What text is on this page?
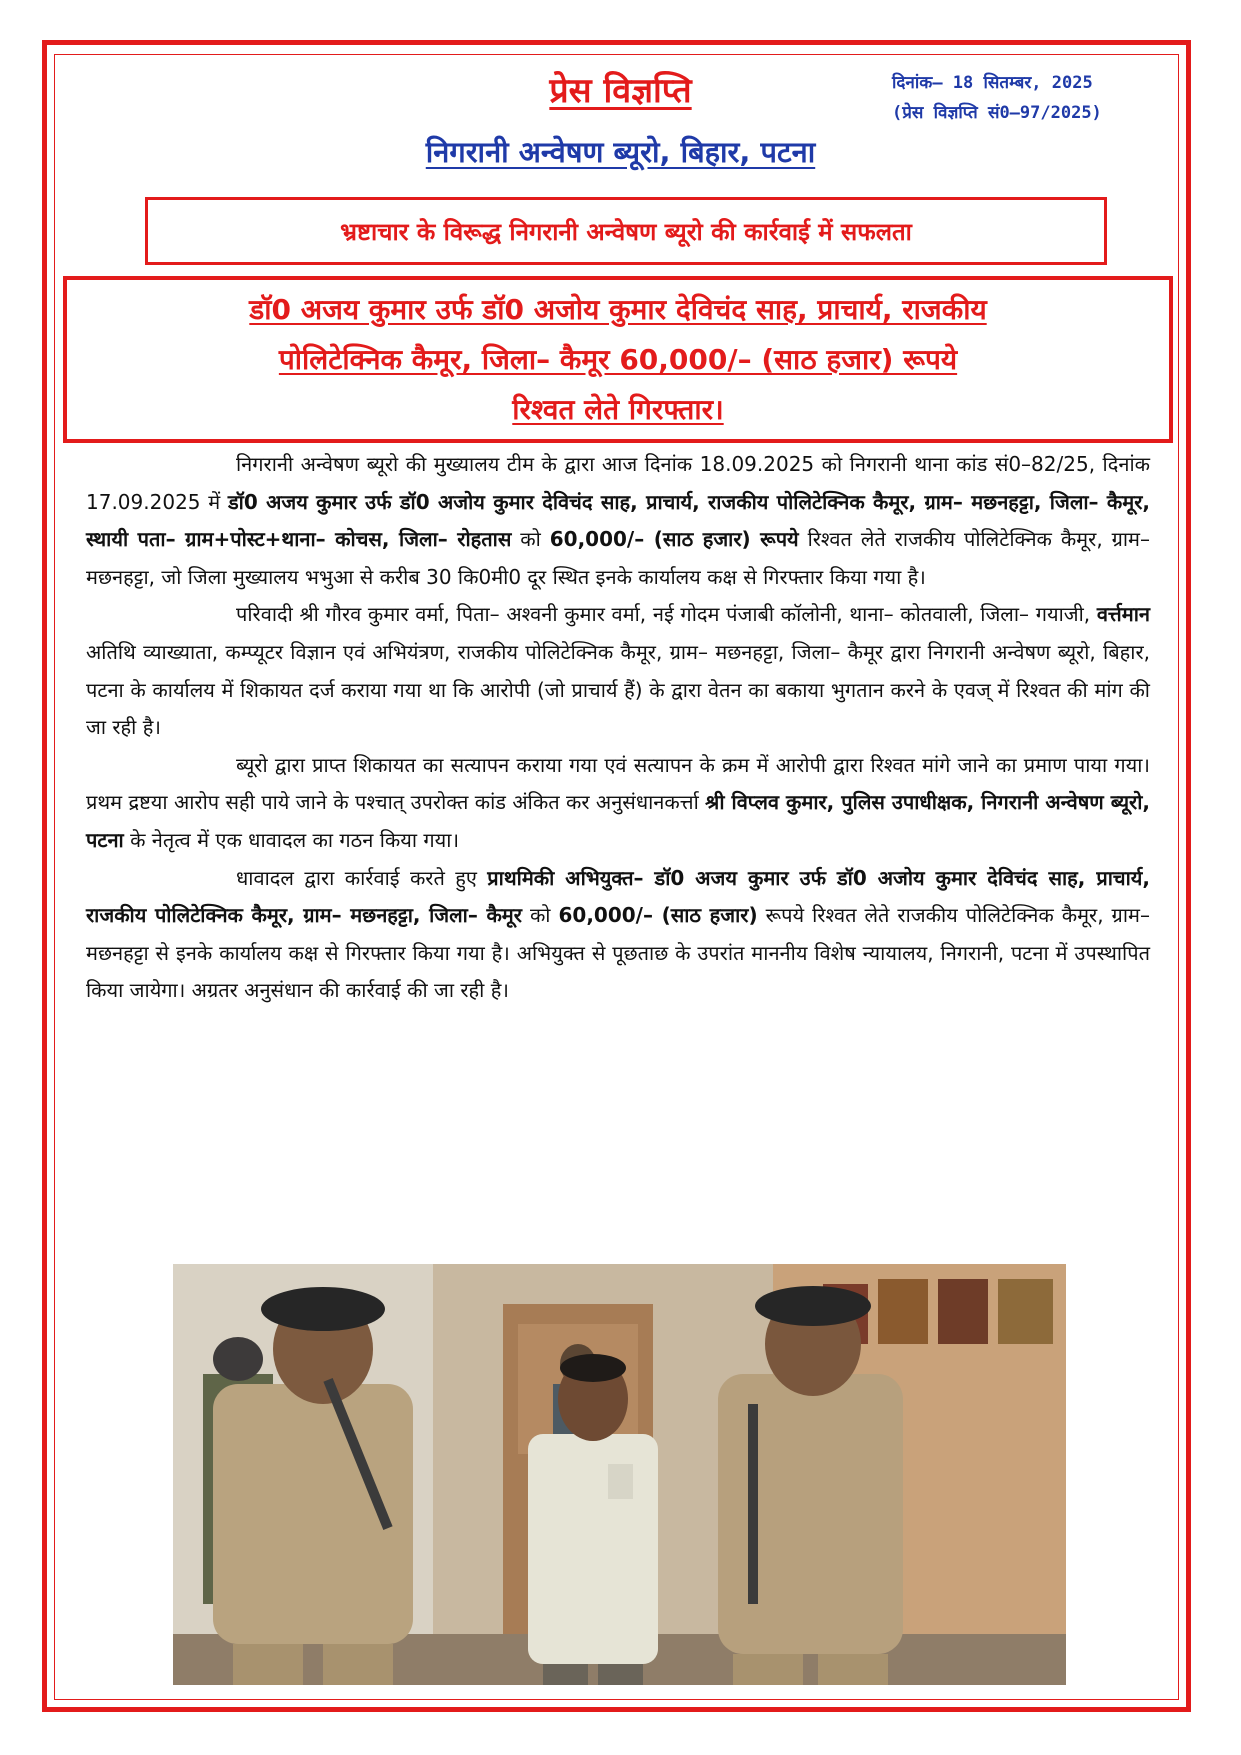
प्रेस विज्ञप्ति	दिनांक– 18 सितम्बर, 2025
(प्रेस विज्ञप्ति सं0–97/2025)
निगरानी अन्वेषण ब्यूरो, बिहार, पटना
भ्रष्टाचार के विरूद्ध निगरानी अन्वेषण ब्यूरो की कार्रवाई में सफलता
डॉ0 अजय कुमार उर्फ डॉ0 अजोय कुमार देविचंद साह, प्राचार्य, राजकीय
पोलिटेक्निक कैमूर, जिला– कैमूर 60,000/– (साठ हजार) रूपये
रिश्वत लेते गिरफ्तार।

निगरानी अन्वेषण ब्यूरो की मुख्यालय टीम के द्वारा आज दिनांक 18.09.2025 को निगरानी थाना कांड सं0–82/25, दिनांक 17.09.2025 में डॉ0 अजय कुमार उर्फ डॉ0 अजोय कुमार देविचंद साह, प्राचार्य, राजकीय पोलिटेक्निक कैमूर, ग्राम– मछनहट्टा, जिला– कैमूर, स्थायी पता– ग्राम+पोस्ट+थाना– कोचस, जिला– रोहतास को 60,000/– (साठ हजार) रूपये रिश्वत लेते राजकीय पोलिटेक्निक कैमूर, ग्राम– मछनहट्टा, जो जिला मुख्यालय भभुआ से करीब 30 कि0मी0 दूर स्थित इनके कार्यालय कक्ष से गिरफ्तार किया गया है।

परिवादी श्री गौरव कुमार वर्मा, पिता– अश्वनी कुमार वर्मा, नई गोदम पंजाबी कॉलोनी, थाना– कोतवाली, जिला– गयाजी, वर्त्तमान अतिथि व्याख्याता, कम्प्यूटर विज्ञान एवं अभियंत्रण, राजकीय पोलिटेक्निक कैमूर, ग्राम– मछनहट्टा, जिला– कैमूर द्वारा निगरानी अन्वेषण ब्यूरो, बिहार, पटना के कार्यालय में शिकायत दर्ज कराया गया था कि आरोपी (जो प्राचार्य हैं) के द्वारा वेतन का बकाया भुगतान करने के एवज् में रिश्वत की मांग की जा रही है।

ब्यूरो द्वारा प्राप्त शिकायत का सत्यापन कराया गया एवं सत्यापन के क्रम में आरोपी द्वारा रिश्वत मांगे जाने का प्रमाण पाया गया। प्रथम द्रष्टया आरोप सही पाये जाने के पश्चात् उपरोक्त कांड अंकित कर अनुसंधानकर्त्ता श्री विप्लव कुमार, पुलिस उपाधीक्षक, निगरानी अन्वेषण ब्यूरो, पटना के नेतृत्व में एक धावादल का गठन किया गया।

धावादल द्वारा कार्रवाई करते हुए प्राथमिकी अभियुक्त– डॉ0 अजय कुमार उर्फ डॉ0 अजोय कुमार देविचंद साह, प्राचार्य, राजकीय पोलिटेक्निक कैमूर, ग्राम– मछनहट्टा, जिला– कैमूर को 60,000/– (साठ हजार) रूपये रिश्वत लेते राजकीय पोलिटेक्निक कैमूर, ग्राम– मछनहट्टा से इनके कार्यालय कक्ष से गिरफ्तार किया गया है। अभियुक्त से पूछताछ के उपरांत माननीय विशेष न्यायालय, निगरानी, पटना में उपस्थापित किया जायेगा। अग्रतर अनुसंधान की कार्रवाई की जा रही है।
